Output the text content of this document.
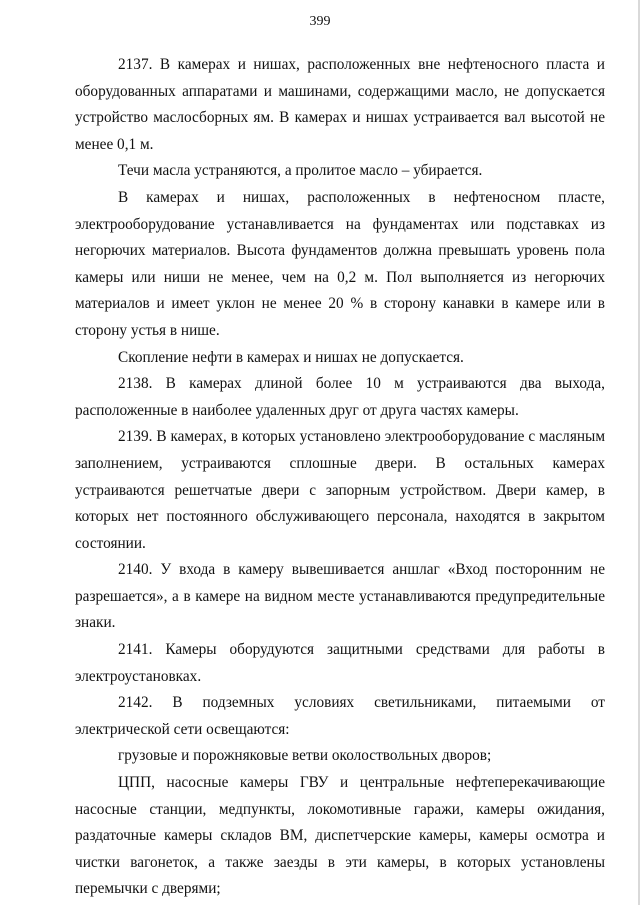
399

2137. В камерах и нишах, расположенных вне нефтеносного пласта и оборудованных аппаратами и машинами, содержащими масло, не допускается устройство маслосборных ям. В камерах и нишах устраивается вал высотой не менее 0,1 м.

Течи масла устраняются, а пролитое масло – убирается.

В камерах и нишах, расположенных в нефтеносном пласте, электрооборудование устанавливается на фундаментах или подставках из негорючих материалов. Высота фундаментов должна превышать уровень пола камеры или ниши не менее, чем на 0,2 м. Пол выполняется из негорючих материалов и имеет уклон не менее 20 % в сторону канавки в камере или в сторону устья в нише.

Скопление нефти в камерах и нишах не допускается.

2138. В камерах длиной более 10 м устраиваются два выхода, расположенные в наиболее удаленных друг от друга частях камеры.

2139. В камерах, в которых установлено электрооборудование с масляным заполнением, устраиваются сплошные двери. В остальных камерах устраиваются решетчатые двери с запорным устройством. Двери камер, в которых нет постоянного обслуживающего персонала, находятся в закрытом состоянии.

2140. У входа в камеру вывешивается аншлаг «Вход посторонним не разрешается», а в камере на видном месте устанавливаются предупредительные знаки.

2141. Камеры оборудуются защитными средствами для работы в электроустановках.

2142. В подземных условиях светильниками, питаемыми от электрической сети освещаются:

грузовые и порожняковые ветви околоствольных дворов;

ЦПП, насосные камеры ГВУ и центральные нефтеперекачивающие насосные станции, медпункты, локомотивные гаражи, камеры ожидания, раздаточные камеры складов ВМ, диспетчерские камеры, камеры осмотра и чистки вагонеток, а также заезды в эти камеры, в которых установлены перемычки с дверями;
